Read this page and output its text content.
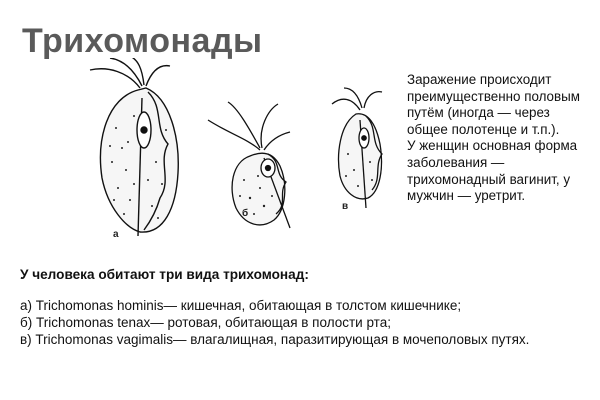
Трихомонады
а
б
в

Заражение происходит преимущественно половым путём (иногда — через общее полотенце и т.п.).

У женщин основная форма заболевания — трихомонадный вагинит, у мужчин — уретрит.

У человека обитают три вида трихомонад:
а) Trichomonas hominis— кишечная, обитающая в толстом кишечнике;
б) Trichomonas tenax— ротовая, обитающая в полости рта;
в) Trichomonas vagimalis— влагалищная, паразитирующая в мочеполовых путях.
